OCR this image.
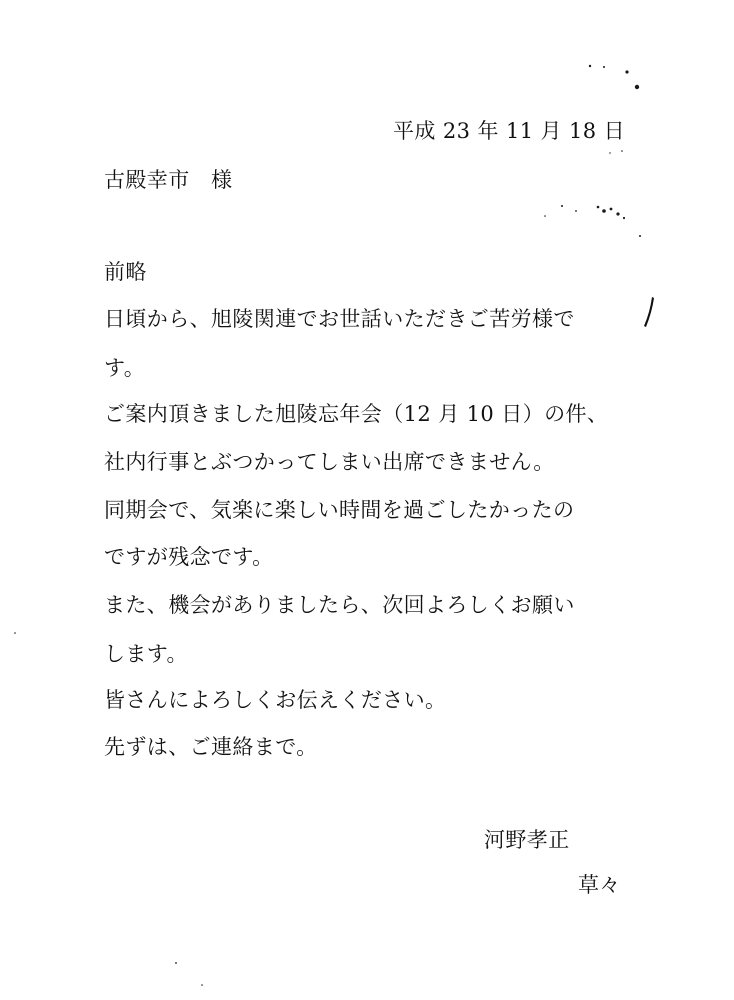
平成 23 年 11 月 18 日
古殿幸市　様
前略
日頃から、旭陵関連でお世話いただきご苦労様で
す。
ご案内頂きました旭陵忘年会（12 月 10 日）の件、
社内行事とぶつかってしまい出席できません。
同期会で、気楽に楽しい時間を過ごしたかったの
ですが残念です。
また、機会がありましたら、次回よろしくお願い
します。
皆さんによろしくお伝えください。
先ずは、ご連絡まで。
河野孝正
草々
